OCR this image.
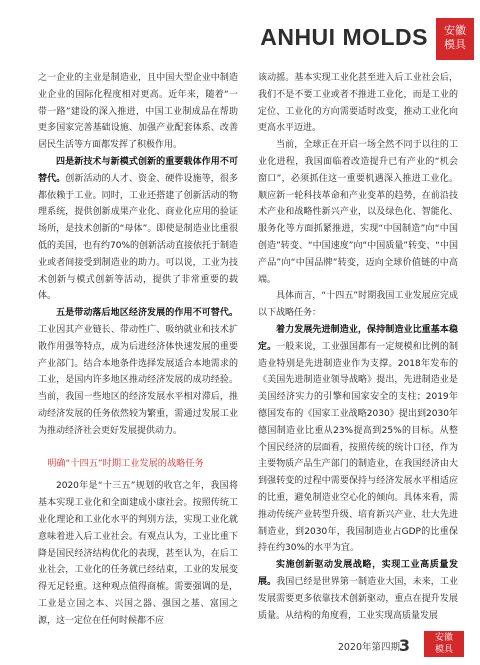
ANHUI MOLDS	安徽
模具

之一企业的主业是制造业，且中国大型企业中制造业企业的国际化程度相对更高。近年来，随着“一带一路”建设的深入推进，中国工业制成品在帮助更多国家完善基础设施、加强产业配套体系、改善居民生活等方面都发挥了积极作用。

四是新技术与新模式创新的重要载体作用不可替代。创新活动的人才、资金、硬件设施等，很多都依赖于工业。同时，工业还搭建了创新活动的物理系统，提供创新成果产业化、商业化应用的验证场所，是技术创新的“母体”。即使是制造业比重很低的美国，也有约70%的创新活动直接依托于制造业或者间接受到制造业的助力。可以说，工业为技术创新与模式创新等活动，提供了非常重要的载体。

五是带动落后地区经济发展的作用不可替代。工业因其产业链长、带动性广、吸纳就业和技术扩散作用强等特点，成为后进经济体快速发展的重要产业部门。结合本地条件选择发展适合本地需求的工业，是国内许多地区推动经济发展的成功经验。当前，我国一些地区的经济发展水平相对滞后，推动经济发展的任务依然较为繁重，需通过发展工业为推动经济社会更好发展提供动力。

明确“十四五”时期工业发展的战略任务

2020年是“十三五”规划的收官之年，我国将基本实现工业化和全面建成小康社会。按照传统工业化理论和工业化水平的判别方法，实现工业化就意味着进入后工业社会。有观点认为，工业比重下降是国民经济结构优化的表现，甚至认为，在后工业社会，工业化的任务就已经结束，工业的发展变得无足轻重。这种观点值得商榷。需要强调的是，工业是立国之本、兴国之器、强国之基、富国之源，这一定位在任何时候都不应

该动摇。基本实现工业化甚至进入后工业社会后，我们不是不要工业或者不推进工业化，而是工业的定位、工业化的方向需要适时改变，推动工业化向更高水平迈进。

当前，全球正在开启一场全然不同于以往的工业化进程，我国面临着改造提升已有产业的“机会窗口”，必须抓住这一重要机遇深入推进工业化。顺应新一轮科技革命和产业变革的趋势，在前沿技术产业和战略性新兴产业，以及绿色化、智能化、服务化等方面抓紧推进，实现“中国制造”向“中国创造”转变、“中国速度”向“中国质量”转变、“中国产品”向“中国品牌”转变，迈向全球价值链的中高端。

具体而言，“十四五”时期我国工业发展应完成以下战略任务：

着力发展先进制造业，保持制造业比重基本稳定。一般来说，工业强国都有一定规模和比例的制造业特别是先进制造业作为支撑。2018年发布的《美国先进制造业领导战略》提出，先进制造业是美国经济实力的引擎和国家安全的支柱；2019年德国发布的《国家工业战略2030》提出到2030年德国制造业比重从23%提高到25%的目标。从整个国民经济的层面看，按照传统的统计口径，作为主要物质产品生产部门的制造业，在我国经济由大到强转变的过程中需要保持与经济发展水平相适应的比重，避免制造业空心化的倾向。具体来看，需推动传统产业转型升级、培育新兴产业、壮大先进制造业，到2030年，我国制造业占GDP的比重保持在约30%的水平为宜。

实施创新驱动发展战略，实现工业高质量发展。我国已经是世界第一制造业大国，未来，工业发展需要更多依靠技术创新驱动，重点在提升发展质量。从结构的角度看，工业实现高质量发展

2020年第四期
3	安徽
模具
